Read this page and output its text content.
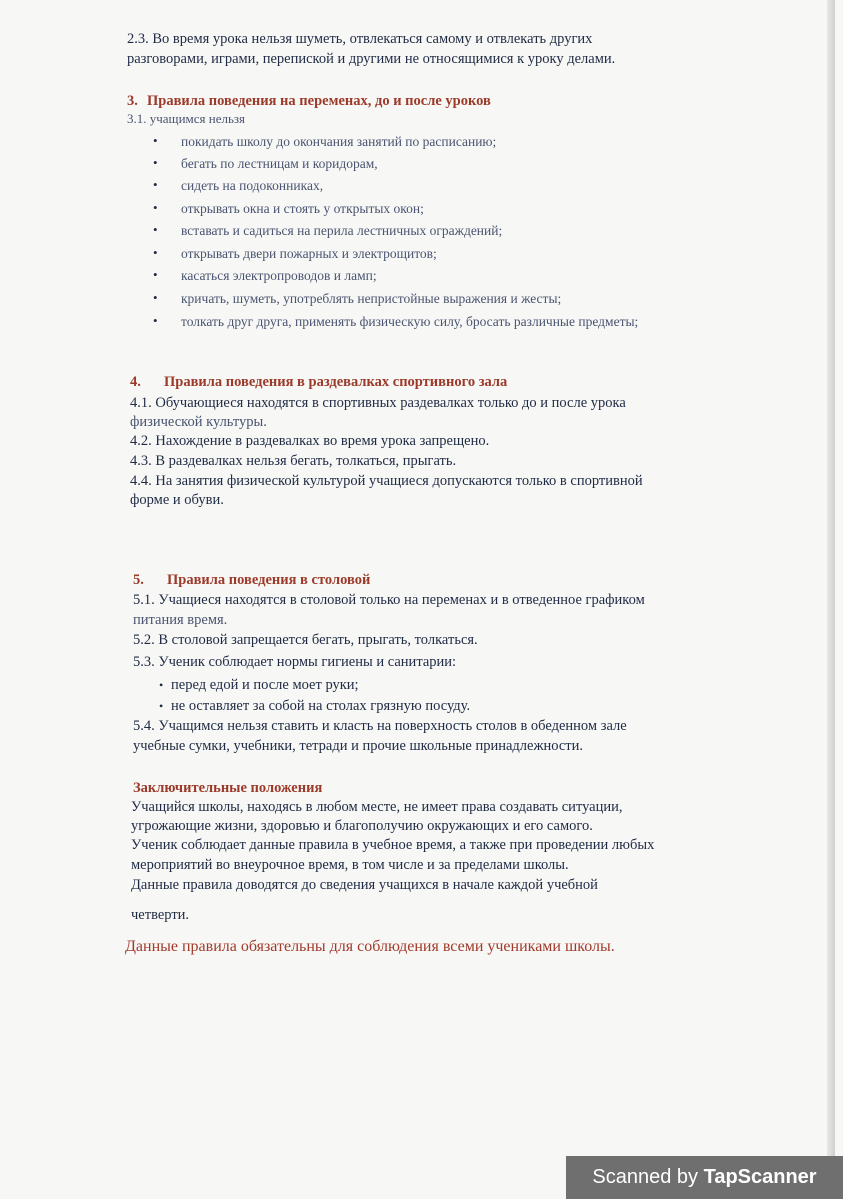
2.3. Во время урока нельзя шуметь, отвлекаться самому и отвлекать других
разговорами, играми, перепиской и другими не относящимися к уроку делами.
3. Правила поведения на переменах, до и после уроков
3.1. учащимся нельзя
• покидать школу до окончания занятий по расписанию;
• бегать по лестницам и коридорам,
• сидеть на подоконниках,
• открывать окна и стоять у открытых окон;
• вставать и садиться на перила лестничных ограждений;
• открывать двери пожарных и электрощитов;
• касаться электропроводов и ламп;
• кричать, шуметь, употреблять непристойные выражения и жесты;
• толкать друг друга, применять физическую силу, бросать различные предметы;
4. Правила поведения в раздевалках спортивного зала
4.1. Обучающиеся находятся в спортивных раздевалках только до и после урока
физической культуры.
4.2. Нахождение в раздевалках во время урока запрещено.
4.3. В раздевалках нельзя бегать, толкаться, прыгать.
4.4. На занятия физической культурой учащиеся допускаются только в спортивной
форме и обуви.
5. Правила поведения в столовой
5.1. Учащиеся находятся в столовой только на переменах и в отведенное графиком
питания время.
5.2. В столовой запрещается бегать, прыгать, толкаться.
5.3. Ученик соблюдает нормы гигиены и санитарии:
• перед едой и после моет руки;
• не оставляет за собой на столах грязную посуду.
5.4. Учащимся нельзя ставить и класть на поверхность столов в обеденном зале
учебные сумки, учебники, тетради и прочие школьные принадлежности.
Заключительные положения
Учащийся школы, находясь в любом месте, не имеет права создавать ситуации,
угрожающие жизни, здоровью и благополучию окружающих и его самого.
Ученик соблюдает данные правила в учебное время, а также при проведении любых
мероприятий во внеурочное время, в том числе и за пределами школы.
Данные правила доводятся до сведения учащихся в начале каждой учебной
четверти.
Данные правила обязательны для соблюдения всеми учениками школы.
Scanned by TapScanner
